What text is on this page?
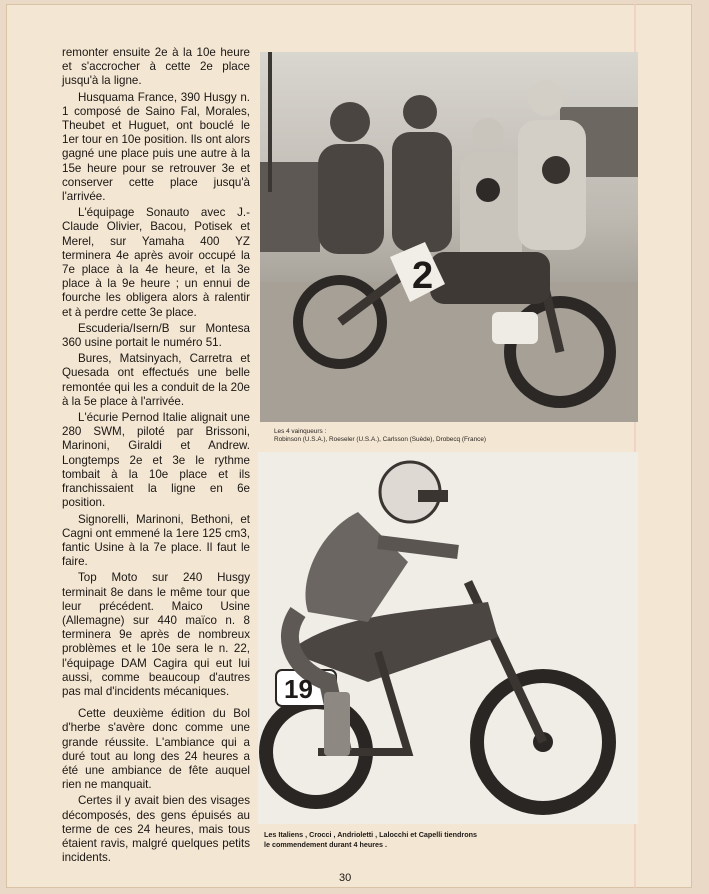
remonter ensuite 2e à la 10e heure et s'accrocher à cette 2e place jusqu'à la ligne.

Husquama France, 390 Husgy n. 1 composé de Saino Fal, Morales, Theubet et Huguet, ont bouclé le 1er tour en 10e position. Ils ont alors gagné une place puis une autre à la 15e heure pour se retrouver 3e et conserver cette place jusqu'à l'arrivée.

L'équipage Sonauto avec J.-Claude Olivier, Bacou, Potisek et Merel, sur Yamaha 400 YZ terminera 4e après avoir occupé la 7e place à la 4e heure, et la 3e place à la 9e heure ; un ennui de fourche les obligera alors à ralentir et à perdre cette 3e place.

Escuderia/Isern/B sur Montesa 360 usine portait le numéro 51.

Bures, Matsinyach, Carretra et Quesada ont effectués une belle remontée qui les a conduit de la 20e à la 5e place à l'arrivée.

L'écurie Pernod Italie alignait une 280 SWM, piloté par Brissoni, Marinoni, Giraldi et Andrew. Longtemps 2e et 3e le rythme tombait à la 10e place et ils franchissaient la ligne en 6e position.

Signorelli, Marinoni, Bethoni, et Cagni ont emmené la 1ere 125 cm3, fantic Usine à la 7e place. Il faut le faire.

Top Moto sur 240 Husgy terminait 8e dans le même tour que leur précédent. Maico Usine (Allemagne) sur 440 maïco n. 8 terminera 9e après de nombreux problèmes et le 10e sera le n. 22, l'équipage DAM Cagira qui eut lui aussi, comme beaucoup d'autres pas mal d'incidents mécaniques.

Cette deuxième édition du Bol d'herbe s'avère donc comme une grande réussite. L'ambiance qui a duré tout au long des 24 heures a été une ambiance de fête auquel rien ne manquait.

Certes il y avait bien des visages décomposés, des gens épuisés au terme de ces 24 heures, mais tous étaient ravis, malgré quelques petits incidents.

2
Les 4 vainqueurs :
Robinson (U.S.A.), Roeseler (U.S.A.), Carlsson (Suède), Drobecq (France)
19
Les Italiens , Crocci , Andrioletti , Lalocchi et Capelli tiendrons le commendement durant 4 heures .
30
